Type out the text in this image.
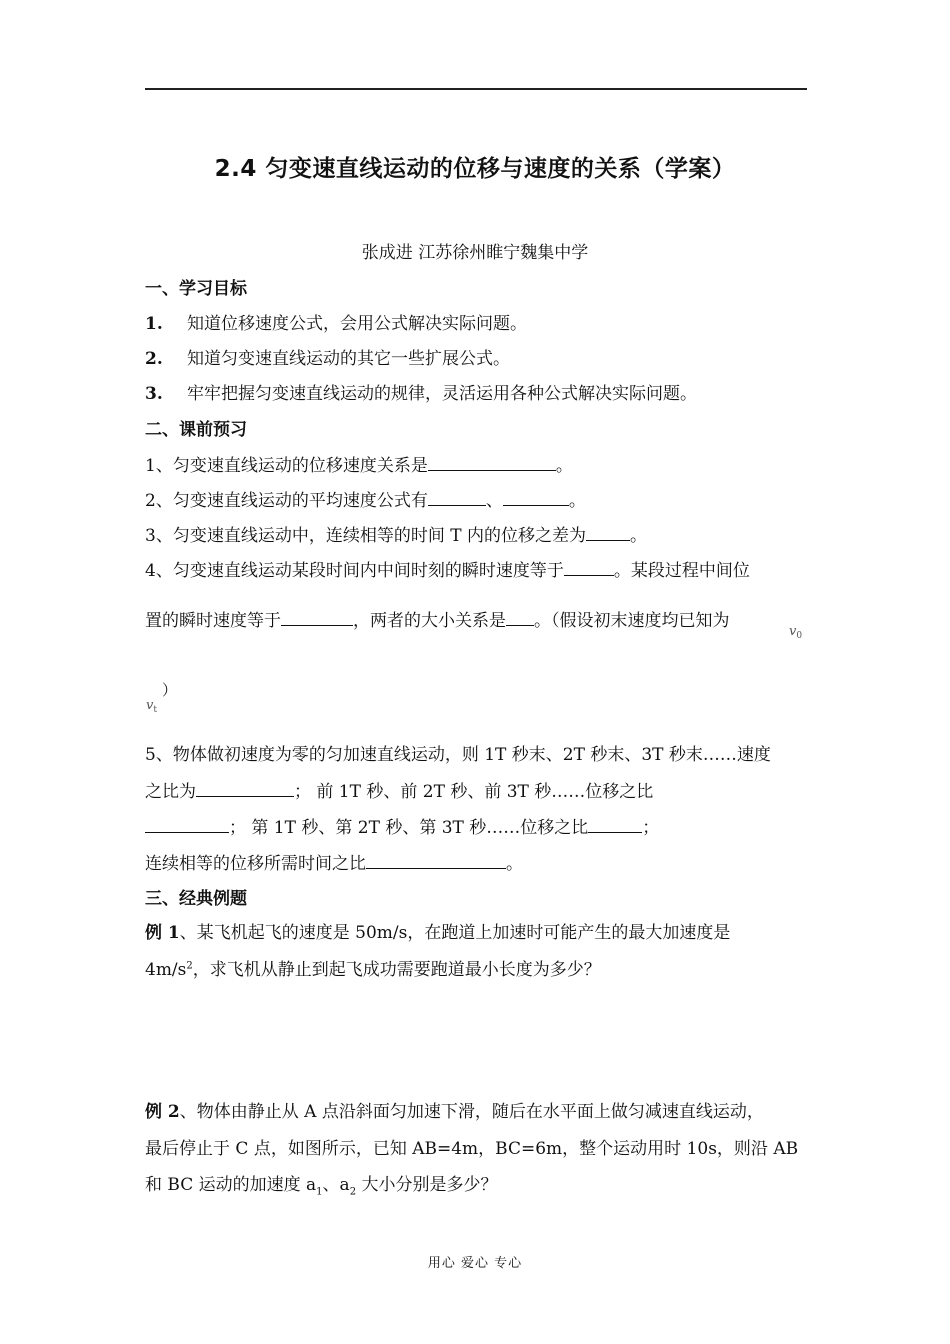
2.4 匀变速直线运动的位移与速度的关系（学案）
张成进 江苏徐州睢宁魏集中学
一、学习目标
1. 知道位移速度公式，会用公式解决实际问题。
2. 知道匀变速直线运动的其它一些扩展公式。
3. 牢牢把握匀变速直线运动的规律，灵活运用各种公式解决实际问题。
二、课前预习
1、匀变速直线运动的位移速度关系是	。
2、匀变速直线运动的平均速度公式有	、	。
3、匀变速直线运动中，连续相等的时间 T 内的位移之差为	。
4、匀变速直线运动某段时间内中间时刻的瞬时速度等于	。某段过程中间位
置的瞬时速度等于	，两者的大小关系是 。（假设初末速度均已知为
$v_0$
$v_t$
）
5、物体做初速度为零的匀加速直线运动，则 1T 秒末、2T 秒末、3T 秒末……速度
之比为	； 前 1T 秒、前 2T 秒、前 3T 秒……位移之比
； 第 1T 秒、第 2T 秒、第 3T 秒……位移之比	；
连续相等的位移所需时间之比	。
三、经典例题
例 1、某飞机起飞的速度是 50m/s，在跑道上加速时可能产生的最大加速度是
$4m/s^2$，求飞机从静止到起飞成功需要跑道最小长度为多少？
例 2、物体由静止从 A 点沿斜面匀加速下滑，随后在水平面上做匀减速直线运动，
最后停止于 C 点，如图所示，已知 AB=4m，BC=6m，整个运动用时 10s，则沿 AB
和 BC 运动的加速度 $a_1$、$a_2$ 大小分别是多少？
用心 爱心 专心
